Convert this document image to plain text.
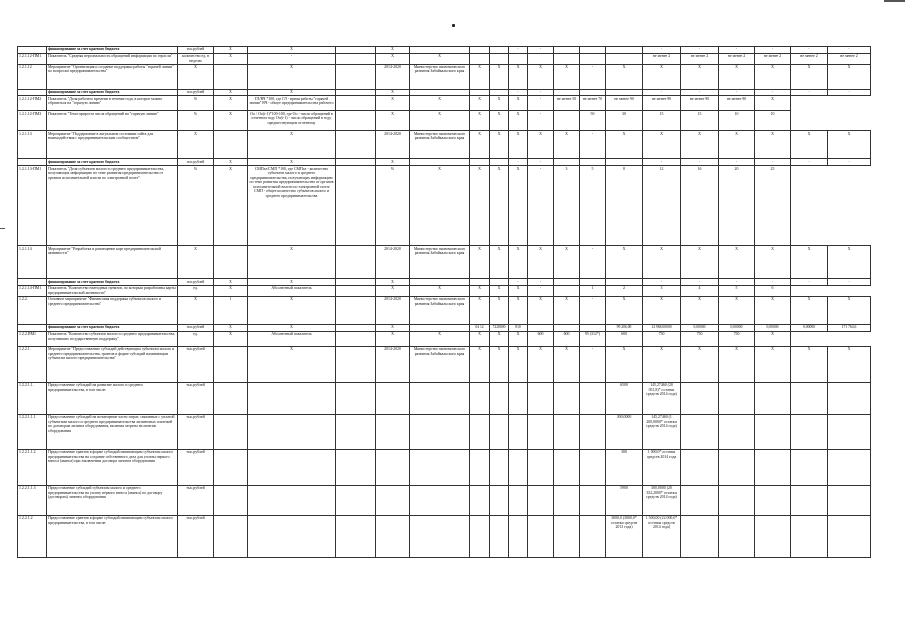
	финансирование за счет краевого бюджета	тыс.рублей	X	X		X				-	-				-	-	-	-	-	-
1.2.1.12-ПМ1	Показатель "Средняя персональность обращений информации по отрасли"	количество ед. в неделю	X	-		X	X								не менее 2	не менее 2	не менее 2	не менее 2	не менее 2	не менее 2
1.2.1.12	Мероприятие "Организация и создание поддержки работы "горячей линии" по вопросам предпринимательства"	X		X		2014-2020	Министерство экономического развития Забайкальского края	X	X	X	X	X	-	X	X	X	X	X	X	X
	финансирование за счет краевого бюджета	тыс.рублей	X	X		X				-	-				-	-	-	-	-	-
1.2.1.12-ПМ2	Показатель "Доля рабочего времени в течение года, в которое можно обратиться на "горячую линию"	%	X	ГЛ/ВЧ *100, где ГЛ - время работы "горячей линии" ВЧ - общее предпринимательства рабочего		X	X	X	X	X	-	не менее 50	не менее 70	не менее 90	не менее 90	не менее 90	не менее 90	X		
1.2.1.12-ПМ3	Показатель "Темп прироста числа обращений на "горячую линию"	%	X	Оо / Оо(t-1)*100-100, где Оо - число обращений в отчетном году Оо(t-1) - число обращений в году, предшествующем отчетному		X	X	X	X	X	-		50	30	15	15	10	10		
1.2.1.13	Мероприятие "Поддержание в актуальном состоянии сайта для взаимодействия с предпринимательским сообществом"	X		X		2014-2020	Министерство экономического развития Забайкальского края	X	X	X	X	X	-	X	X	X	X	X	X	X
	финансирование за счет краевого бюджета	тыс.рублей	X	X		X				-	-				-	-	-	-	-	-
1.2.1.13-ПМ1	Показатель "Доля субъектов малого и среднего предпринимательства, получающих информацию по теме развития предпринимательства от органов исполнительной власти по электронной почте"	%	X	СМПэл/СМП *100, где СМПэл - количество субъектов малого и среднего предпринимательства, получающих информацию по теме развития предпринимательства от органов исполнительной власти по электронной почте СМП - общее количество субъектов малого и среднего предпринимательства		%	X	X	X	X	-	3	5	8	12	16	20	25		
1.2.1.14	Мероприятие "Разработка и размещение карт предпринимательской активности"	X		X		2014-2020	Министерство экономического развития Забайкальского края	X	X	X	X	X	-	X	X	X	X	X	X	X
	финансирование за счет краевого бюджета	тыс.рублей	X	X		X				-	-				-	-	-	-	-	-
1.2.1.14-ПМ1	Показатель "Количество ежегодных пунктов, по которым разработаны карты предпринимательской активности"	ед.	X	Абсолютный показатель		X	X	X	X	X	-		1	2	3	4	5	6		
1.2.2.	Основное мероприятие "Финансовая поддержка субъектов малого и среднего предпринимательства"	X	1	X		2014-2020	Министерство экономического развития Забайкальского края	X	X	X	X	X	-	X	X	X	X	X	X	X
	финансирование за счет краевого бюджета	тыс.рублей	X	X		X		04 12	7228000	810				99 206,00	12 968,00000	0,00000	0,00000	0,00000	0,00000	171 764,6
1.2.2.ПМ1	Показатель "Количество субъектов малого и среднего предпринимательства, получивших государственную поддержку"	ед.	X	Абсолютный показатель		X	X	X	X	X	600	600	95 (312*)	600	750	750	750	X		
1.2.2.1.	Мероприятие "Предоставление субсидий действующим субъектам малого и среднего предпринимательства, грантов в форме субсидий начинающим субъектам малого предпринимательства"	тыс.рублей		X		2014-2020	Министерство экономического развития Забайкальского края	X	X	X	X	X	-	X	X	X	X	X	X	X
1.2.2.1.1.	Предоставление субсидий на развитие малого и среднего предпринимательства, в том числе:	тыс.рублей												6500	145,27460 (20 051,8)* остатки средств 2014 года)					
1.2.2.1.1.1	Предоставление субсидий на возмещение части затрат, связанных с уплатой субъектами малого и среднего предпринимательства лизинговых платежей по договорам лизинга оборудования, включая затраты на монтаж оборудования	тыс.рублей												300,0000	145,27460 (1 200,0000* остатки средств 2014 года)					
1.2.2.1.1.2	Предоставление грантов в форме субсидий начинающим субъектам малого предпринимательства на создание собственного дела для уплаты первого взноса (аванса) при заключении договора лизинга оборудования	тыс.рублей												300	1 000,0* остатки средств 2014 года					
1.2.2.1.1.3	Предоставление субсидий субъектам малого и среднего предпринимательства на уплату первого взноса (аванса) по договору (договорам) лизинга оборудования	тыс.рублей												5900	300,0000 (20 352,2000* остатки средств 2014 года)					
1.2.2.1.2	Предоставление грантов в форме субсидий начинающим субъектам малого предпринимательства, в том числе:	тыс.рублей												3000,0 (3000,0* остатки средств 2013 года)	1 500,00 (22 000,0* остатки средств 2014 года)					
